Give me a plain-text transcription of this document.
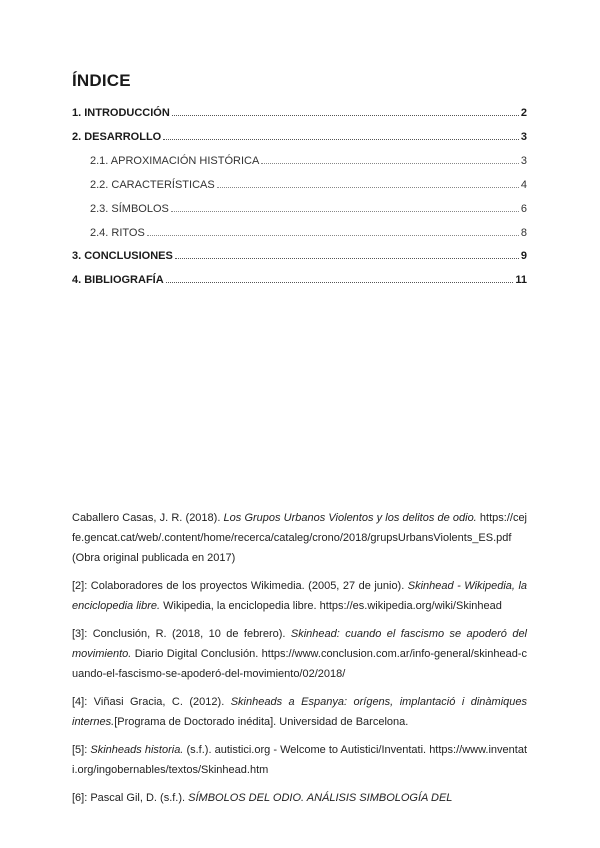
ÍNDICE
1. INTRODUCCIÓN	2
2. DESARROLLO	3
2.1. APROXIMACIÓN HISTÓRICA	3
2.2. CARACTERÍSTICAS	4
2.3. SÍMBOLOS	6
2.4. RITOS	8
3. CONCLUSIONES	9
4. BIBLIOGRAFÍA	11

Caballero Casas, J. R. (2018). Los Grupos Urbanos Violentos y los delitos de odio. https://cejfe.gencat.cat/web/.content/home/recerca/cataleg/crono/2018/grupsUrbansViolents_ES.pdf(Obra original publicada en 2017)

[2]: Colaboradores de los proyectos Wikimedia. (2005, 27 de junio). Skinhead - Wikipedia, la enciclopedia libre. Wikipedia, la enciclopedia libre. https://es.wikipedia.org/wiki/Skinhead

[3]: Conclusión, R. (2018, 10 de febrero). Skinhead: cuando el fascismo se apoderó del movimiento. Diario Digital Conclusión. https://www.conclusion.com.ar/info-general/skinhead-cuando-el-fascismo-se-apoderó-del-movimiento/02/2018/

[4]: Viñasi Gracia, C. (2012). Skinheads a Espanya: orígens, implantació i dinàmiques internes.[Programa de Doctorado inédita]. Universidad de Barcelona.

[5]: Skinheads historia. (s.f.). autistici.org - Welcome to Autistici/Inventati. https://www.inventati.org/ingobernables/textos/Skinhead.htm

[6]: Pascal Gil, D. (s.f.). SÍMBOLOS DEL ODIO. ANÁLISIS SIMBOLOGÍA DEL
